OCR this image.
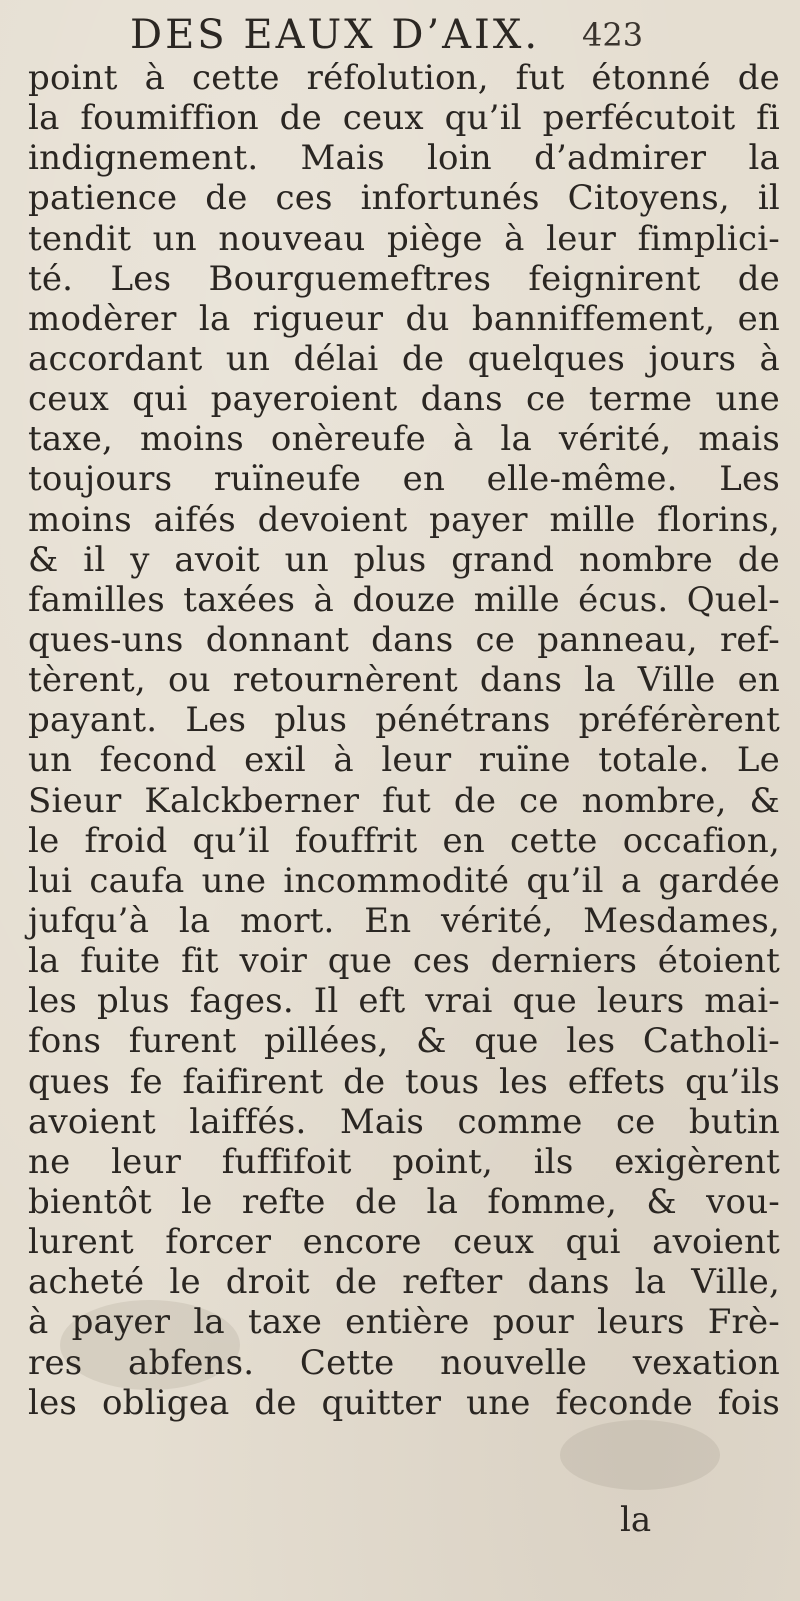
DES EAUX D’AIX. 423
point à cette réfolution, fut étonné de
la foumiffion de ceux qu’il perfécutoit fi
indignement. Mais loin d’admirer la
patience de ces infortunés Citoyens, il
tendit un nouveau piège à leur fimplici-
té. Les Bourguemeftres feignirent de
modèrer la rigueur du banniffement, en
accordant un délai de quelques jours à
ceux qui payeroient dans ce terme une
taxe, moins onèreufe à la vérité, mais
toujours ruïneufe en elle-même. Les
moins aifés devoient payer mille florins,
& il y avoit un plus grand nombre de
familles taxées à douze mille écus. Quel-
ques-uns donnant dans ce panneau, ref-
tèrent, ou retournèrent dans la Ville en
payant. Les plus pénétrans préférèrent
un fecond exil à leur ruïne totale. Le
Sieur Kalckberner fut de ce nombre, &
le froid qu’il fouffrit en cette occafion,
lui caufa une incommodité qu’il a gardée
jufqu’à la mort. En vérité, Mesdames,
la fuite fit voir que ces derniers étoient
les plus fages. Il eft vrai que leurs mai-
fons furent pillées, & que les Catholi-
ques fe faifirent de tous les effets qu’ils
avoient laiffés. Mais comme ce butin
ne leur fuffifoit point, ils exigèrent
bientôt le refte de la fomme, & vou-
lurent forcer encore ceux qui avoient
acheté le droit de refter dans la Ville,
à payer la taxe entière pour leurs Frè-
res abfens. Cette nouvelle vexation
les obligea de quitter une feconde fois
la
